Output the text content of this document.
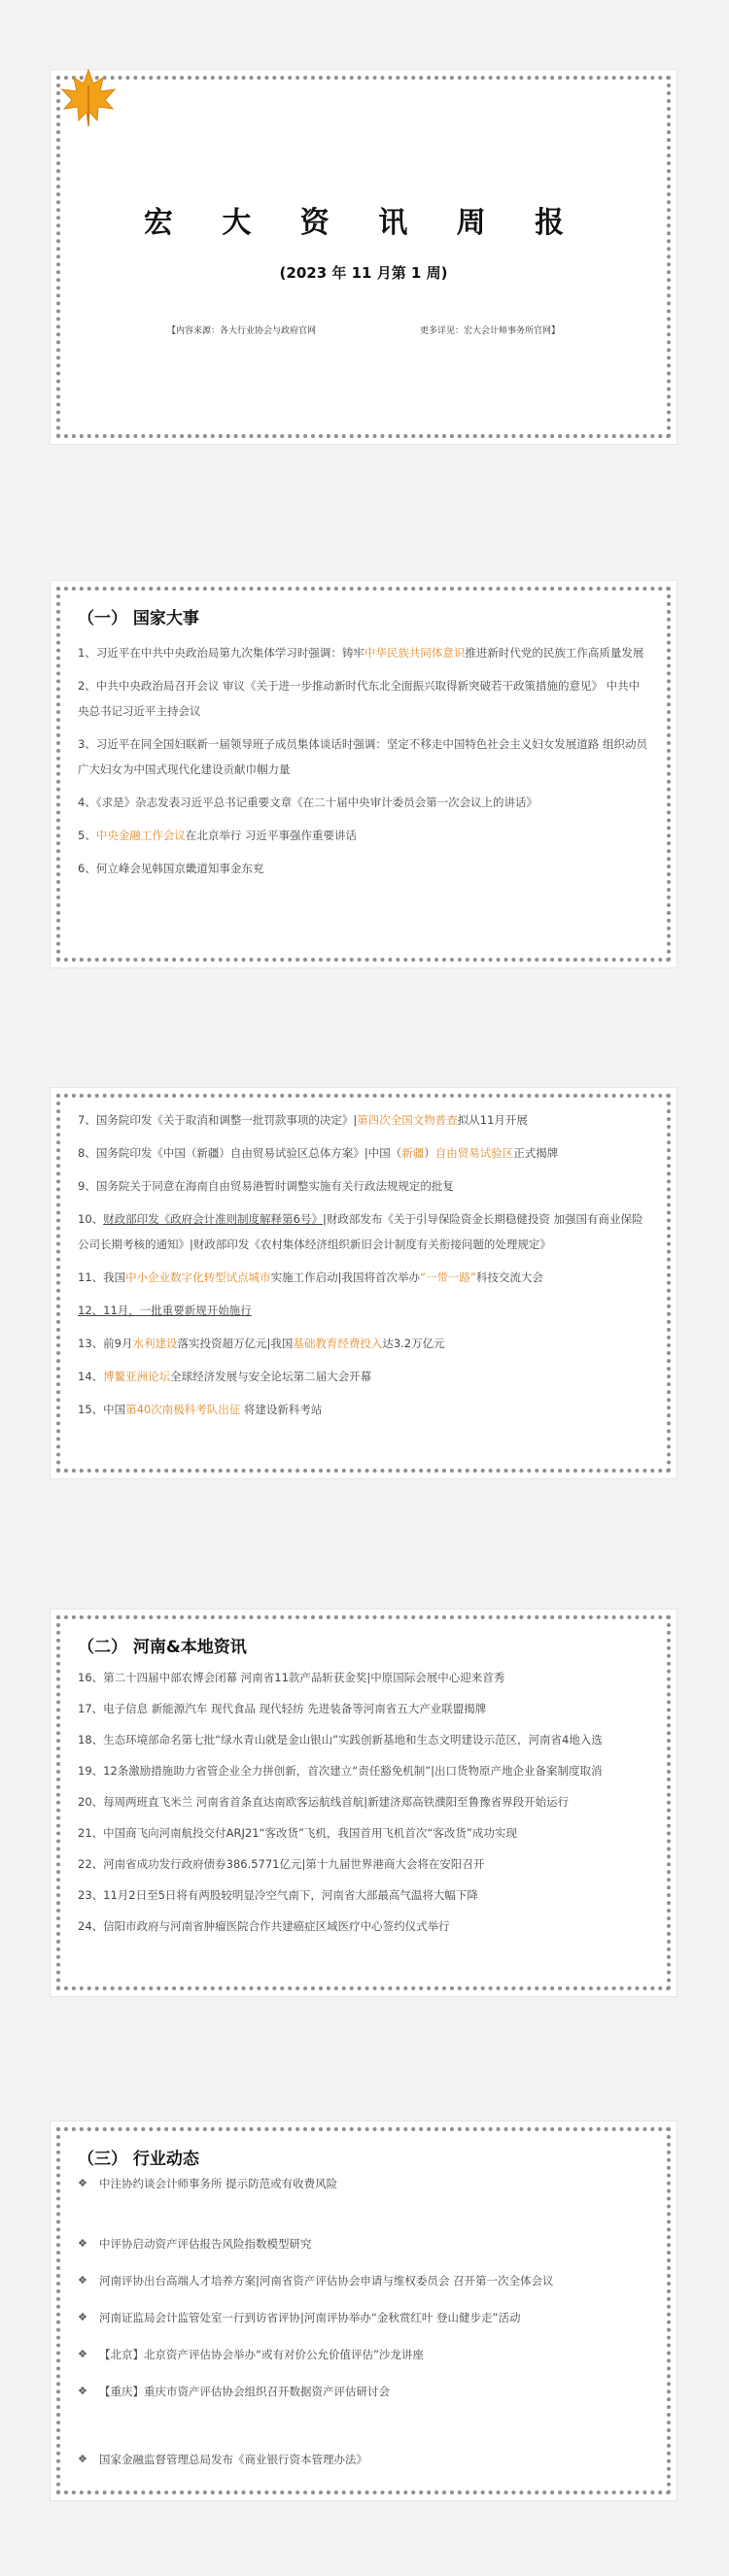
宏 大 资 讯 周 报
(2023 年 11 月第 1 周)
【内容来源：各大行业协会与政府官网	更多详见：宏大会计师事务所官网】
（一） 国家大事
1、习近平在中共中央政治局第九次集体学习时强调：铸牢中华民族共同体意识推进新时代党的民族工作高质量发展
2、中共中央政治局召开会议 审议《关于进一步推动新时代东北全面振兴取得新突破若干政策措施的意见》 中共中央总书记习近平主持会议
3、习近平在同全国妇联新一届领导班子成员集体谈话时强调：坚定不移走中国特色社会主义妇女发展道路 组织动员广大妇女为中国式现代化建设贡献巾帼力量
4、《求是》杂志发表习近平总书记重要文章《在二十届中央审计委员会第一次会议上的讲话》
5、中央金融工作会议在北京举行 习近平事强作重要讲话
6、何立峰会见韩国京畿道知事金东兖
7、国务院印发《关于取消和调整一批罚款事项的决定》|第四次全国文物普查拟从11月开展
8、国务院印发《中国（新疆）自由贸易试验区总体方案》|中国（新疆）自由贸易试验区正式揭牌
9、国务院关于同意在海南自由贸易港暂时调整实施有关行政法规规定的批复
10、财政部印发《政府会计准则制度解释第6号》|财政部发布《关于引导保险资金长期稳健投资 加强国有商业保险公司长期考核的通知》|财政部印发《农村集体经济组织新旧会计制度有关衔接问题的处理规定》
11、我国中小企业数字化转型试点城市实施工作启动|我国将首次举办“一带一路”科技交流大会
12、11月，一批重要新规开始施行
13、前9月水利建设落实投资超万亿元|我国基础教育经费投入达3.2万亿元
14、博鳌亚洲论坛全球经济发展与安全论坛第二届大会开幕
15、中国第40次南极科考队出征 将建设新科考站
（二） 河南&本地资讯
16、第二十四届中部农博会闭幕 河南省11款产品斩获金奖|中原国际会展中心迎来首秀
17、电子信息 新能源汽车 现代食品 现代轻纺 先进装备等河南省五大产业联盟揭牌
18、生态环境部命名第七批“绿水青山就是金山银山”实践创新基地和生态文明建设示范区，河南省4地入选
19、12条激励措施助力省管企业全力拼创新，首次建立“责任豁免机制”|出口货物原产地企业备案制度取消
20、每周两班直飞米兰 河南省首条直达南欧客运航线首航|新建济郑高铁濮阳至鲁豫省界段开始运行
21、中国商飞向河南航投交付ARJ21“客改货”飞机，我国首用飞机首次“客改货”成功实现
22、河南省成功发行政府债券386.5771亿元|第十九届世界港商大会将在安阳召开
23、11月2日至5日将有两股较明显冷空气南下，河南省大部最高气温将大幅下降
24、信阳市政府与河南省肿瘤医院合作共建癌症区域医疗中心签约仪式举行
（三） 行业动态
❖	中注协约谈会计师事务所 提示防范或有收费风险
❖	中评协启动资产评估报告风险指数模型研究
❖	河南评协出台高端人才培养方案|河南省资产评估协会申请与维权委员会 召开第一次全体会议
❖	河南证监局会计监管处室一行到访省评协|河南评协举办“金秋赏红叶 登山健步走”活动
❖	【北京】北京资产评估协会举办“或有对价公允价值评估”沙龙讲座
❖	【重庆】重庆市资产评估协会组织召开数据资产评估研讨会
❖	国家金融监督管理总局发布《商业银行资本管理办法》
